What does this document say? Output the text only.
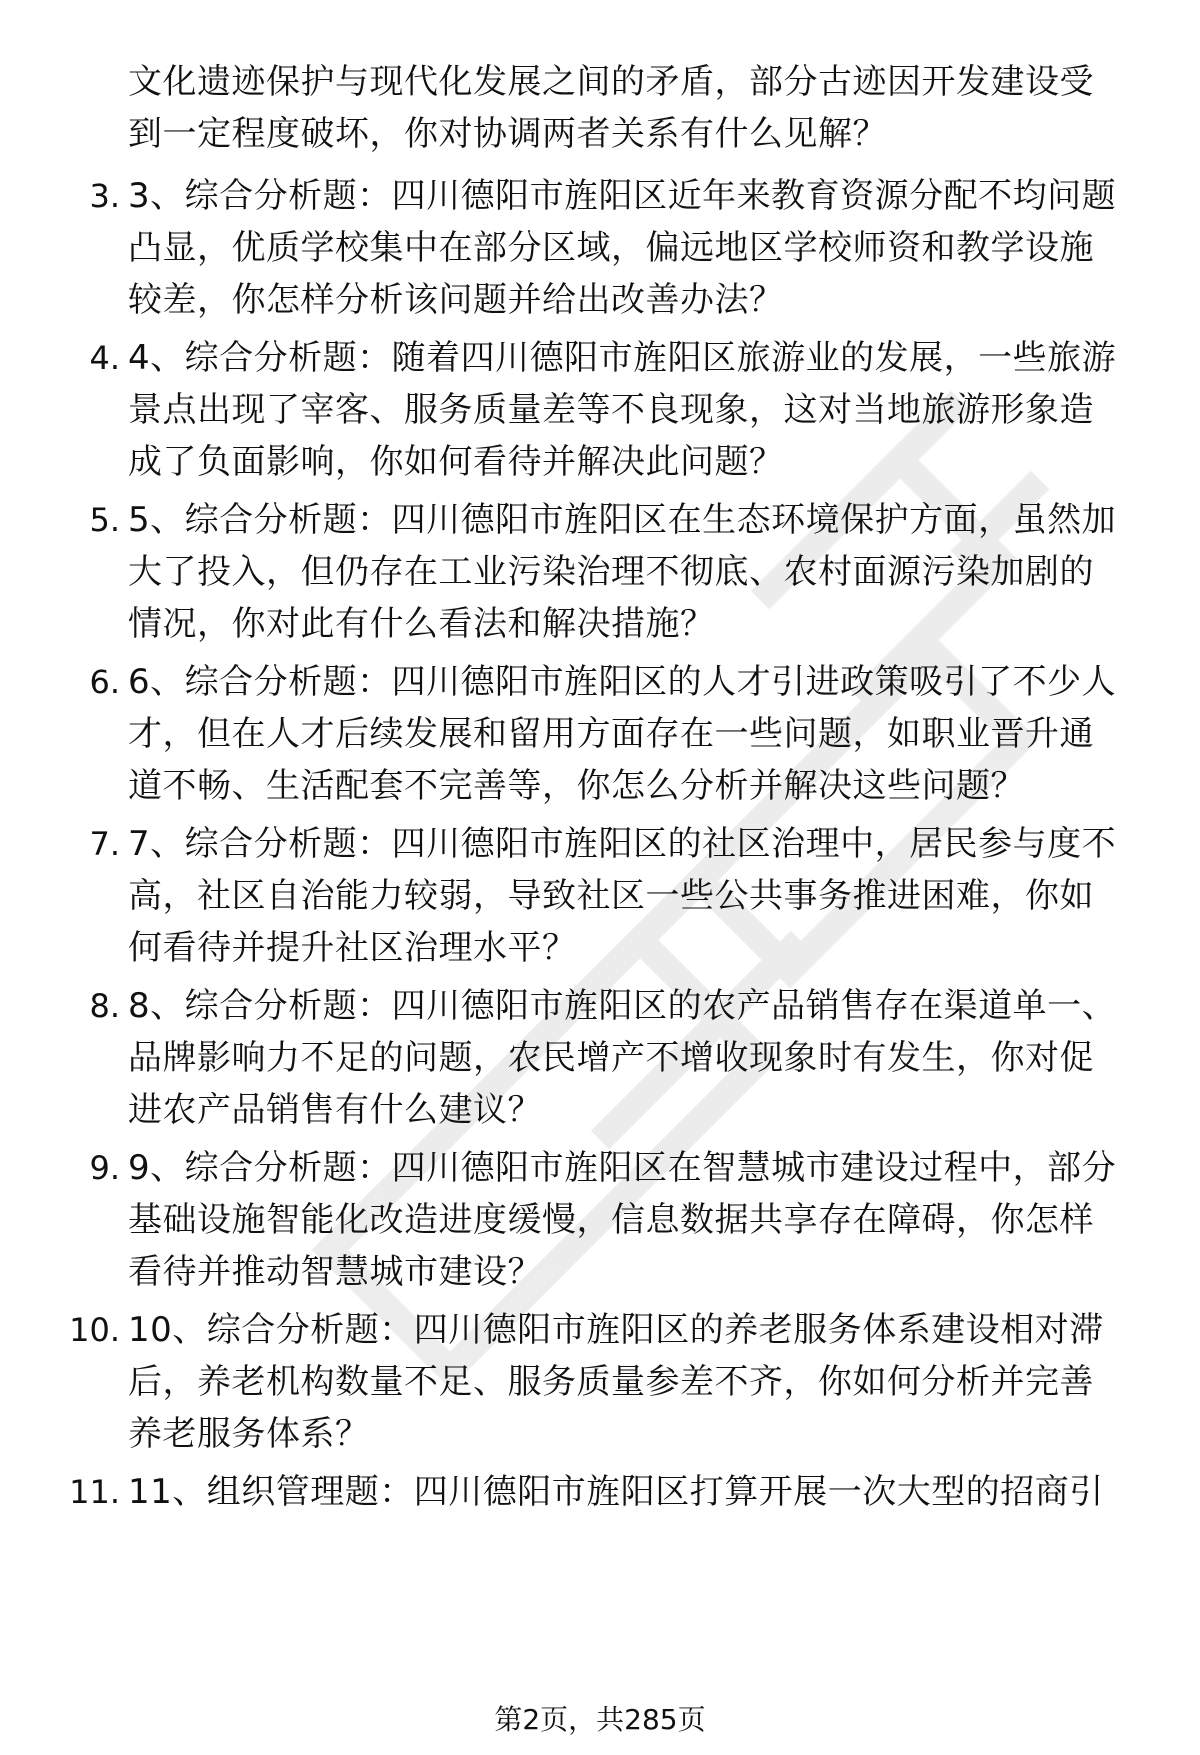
文化遗迹保护与现代化发展之间的矛盾，部分古迹因开发建设受
到一定程度破坏，你对协调两者关系有什么见解？
3. 3、综合分析题：四川德阳市旌阳区近年来教育资源分配不均问题
凸显，优质学校集中在部分区域，偏远地区学校师资和教学设施
较差，你怎样分析该问题并给出改善办法？
4. 4、综合分析题：随着四川德阳市旌阳区旅游业的发展，一些旅游
景点出现了宰客、服务质量差等不良现象，这对当地旅游形象造
成了负面影响，你如何看待并解决此问题？
5. 5、综合分析题：四川德阳市旌阳区在生态环境保护方面，虽然加
大了投入，但仍存在工业污染治理不彻底、农村面源污染加剧的
情况，你对此有什么看法和解决措施？
6. 6、综合分析题：四川德阳市旌阳区的人才引进政策吸引了不少人
才，但在人才后续发展和留用方面存在一些问题，如职业晋升通
道不畅、生活配套不完善等，你怎么分析并解决这些问题？
7. 7、综合分析题：四川德阳市旌阳区的社区治理中，居民参与度不
高，社区自治能力较弱，导致社区一些公共事务推进困难，你如
何看待并提升社区治理水平？
8. 8、综合分析题：四川德阳市旌阳区的农产品销售存在渠道单一、
品牌影响力不足的问题，农民增产不增收现象时有发生，你对促
进农产品销售有什么建议？
9. 9、综合分析题：四川德阳市旌阳区在智慧城市建设过程中，部分
基础设施智能化改造进度缓慢，信息数据共享存在障碍，你怎样
看待并推动智慧城市建设？
10. 10、综合分析题：四川德阳市旌阳区的养老服务体系建设相对滞
后，养老机构数量不足、服务质量参差不齐，你如何分析并完善
养老服务体系？
11. 11、组织管理题：四川德阳市旌阳区打算开展一次大型的招商引
第2页，共285页
